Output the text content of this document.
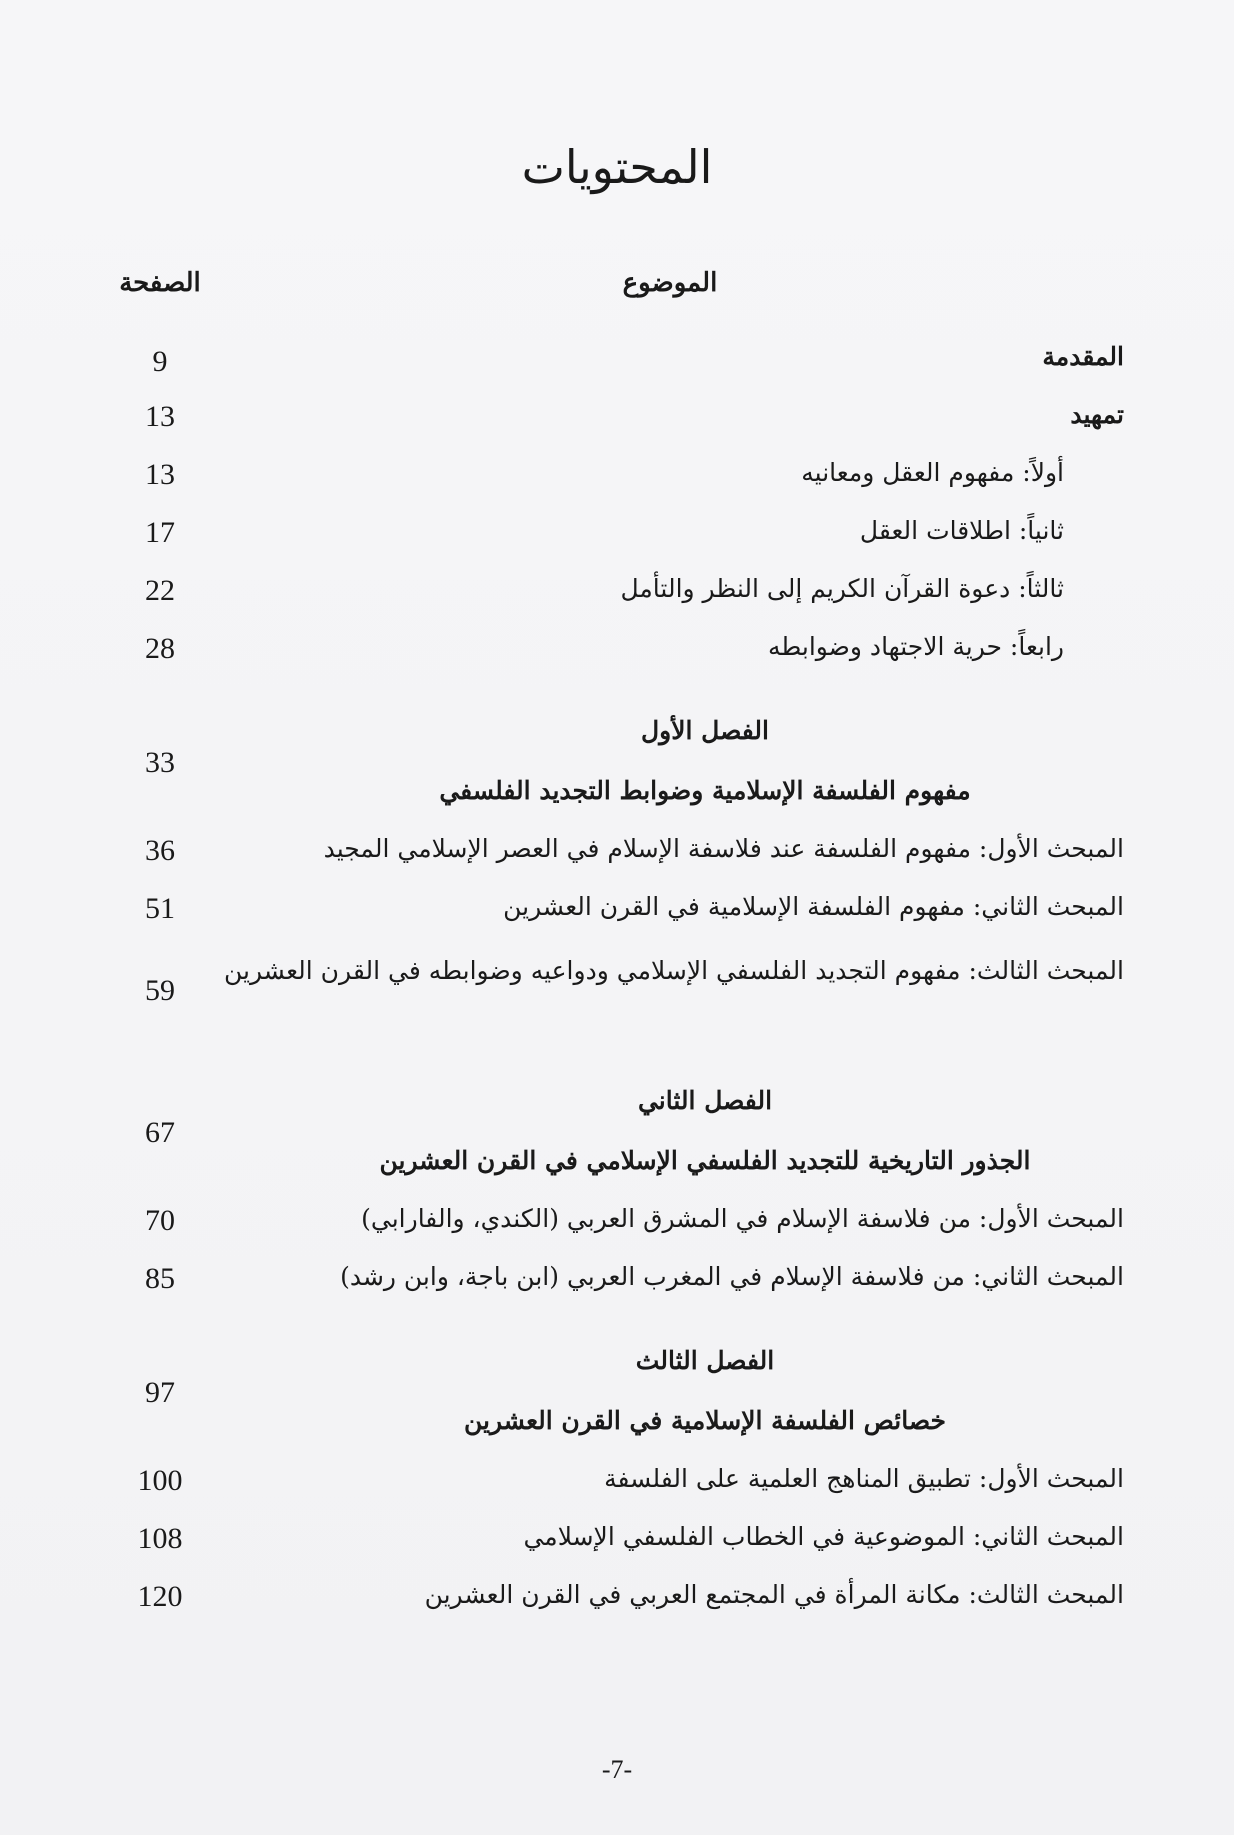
المحتويات
الموضوع
الصفحة
المقدمة
9
تمهيد
13
أولاً: مفهوم العقل ومعانيه
13
ثانياً: اطلاقات العقل
17
ثالثاً: دعوة القرآن الكريم إلى النظر والتأمل
22
رابعاً: حرية الاجتهاد وضوابطه
28
الفصل الأول
33
مفهوم الفلسفة الإسلامية وضوابط التجديد الفلسفي
المبحث الأول: مفهوم الفلسفة عند فلاسفة الإسلام في العصر الإسلامي المجيد
36
المبحث الثاني: مفهوم الفلسفة الإسلامية في القرن العشرين
51
المبحث الثالث: مفهوم التجديد الفلسفي الإسلامي ودواعيه وضوابطه في القرن العشرين
59
الفصل الثاني
67
الجذور التاريخية للتجديد الفلسفي الإسلامي في القرن العشرين
المبحث الأول: من فلاسفة الإسلام في المشرق العربي (الكندي، والفارابي)
70
المبحث الثاني: من فلاسفة الإسلام في المغرب العربي (ابن باجة، وابن رشد)
85
الفصل الثالث
97
خصائص الفلسفة الإسلامية في القرن العشرين
المبحث الأول: تطبيق المناهج العلمية على الفلسفة
100
المبحث الثاني: الموضوعية في الخطاب الفلسفي الإسلامي
108
المبحث الثالث: مكانة المرأة في المجتمع العربي في القرن العشرين
120
-7-
